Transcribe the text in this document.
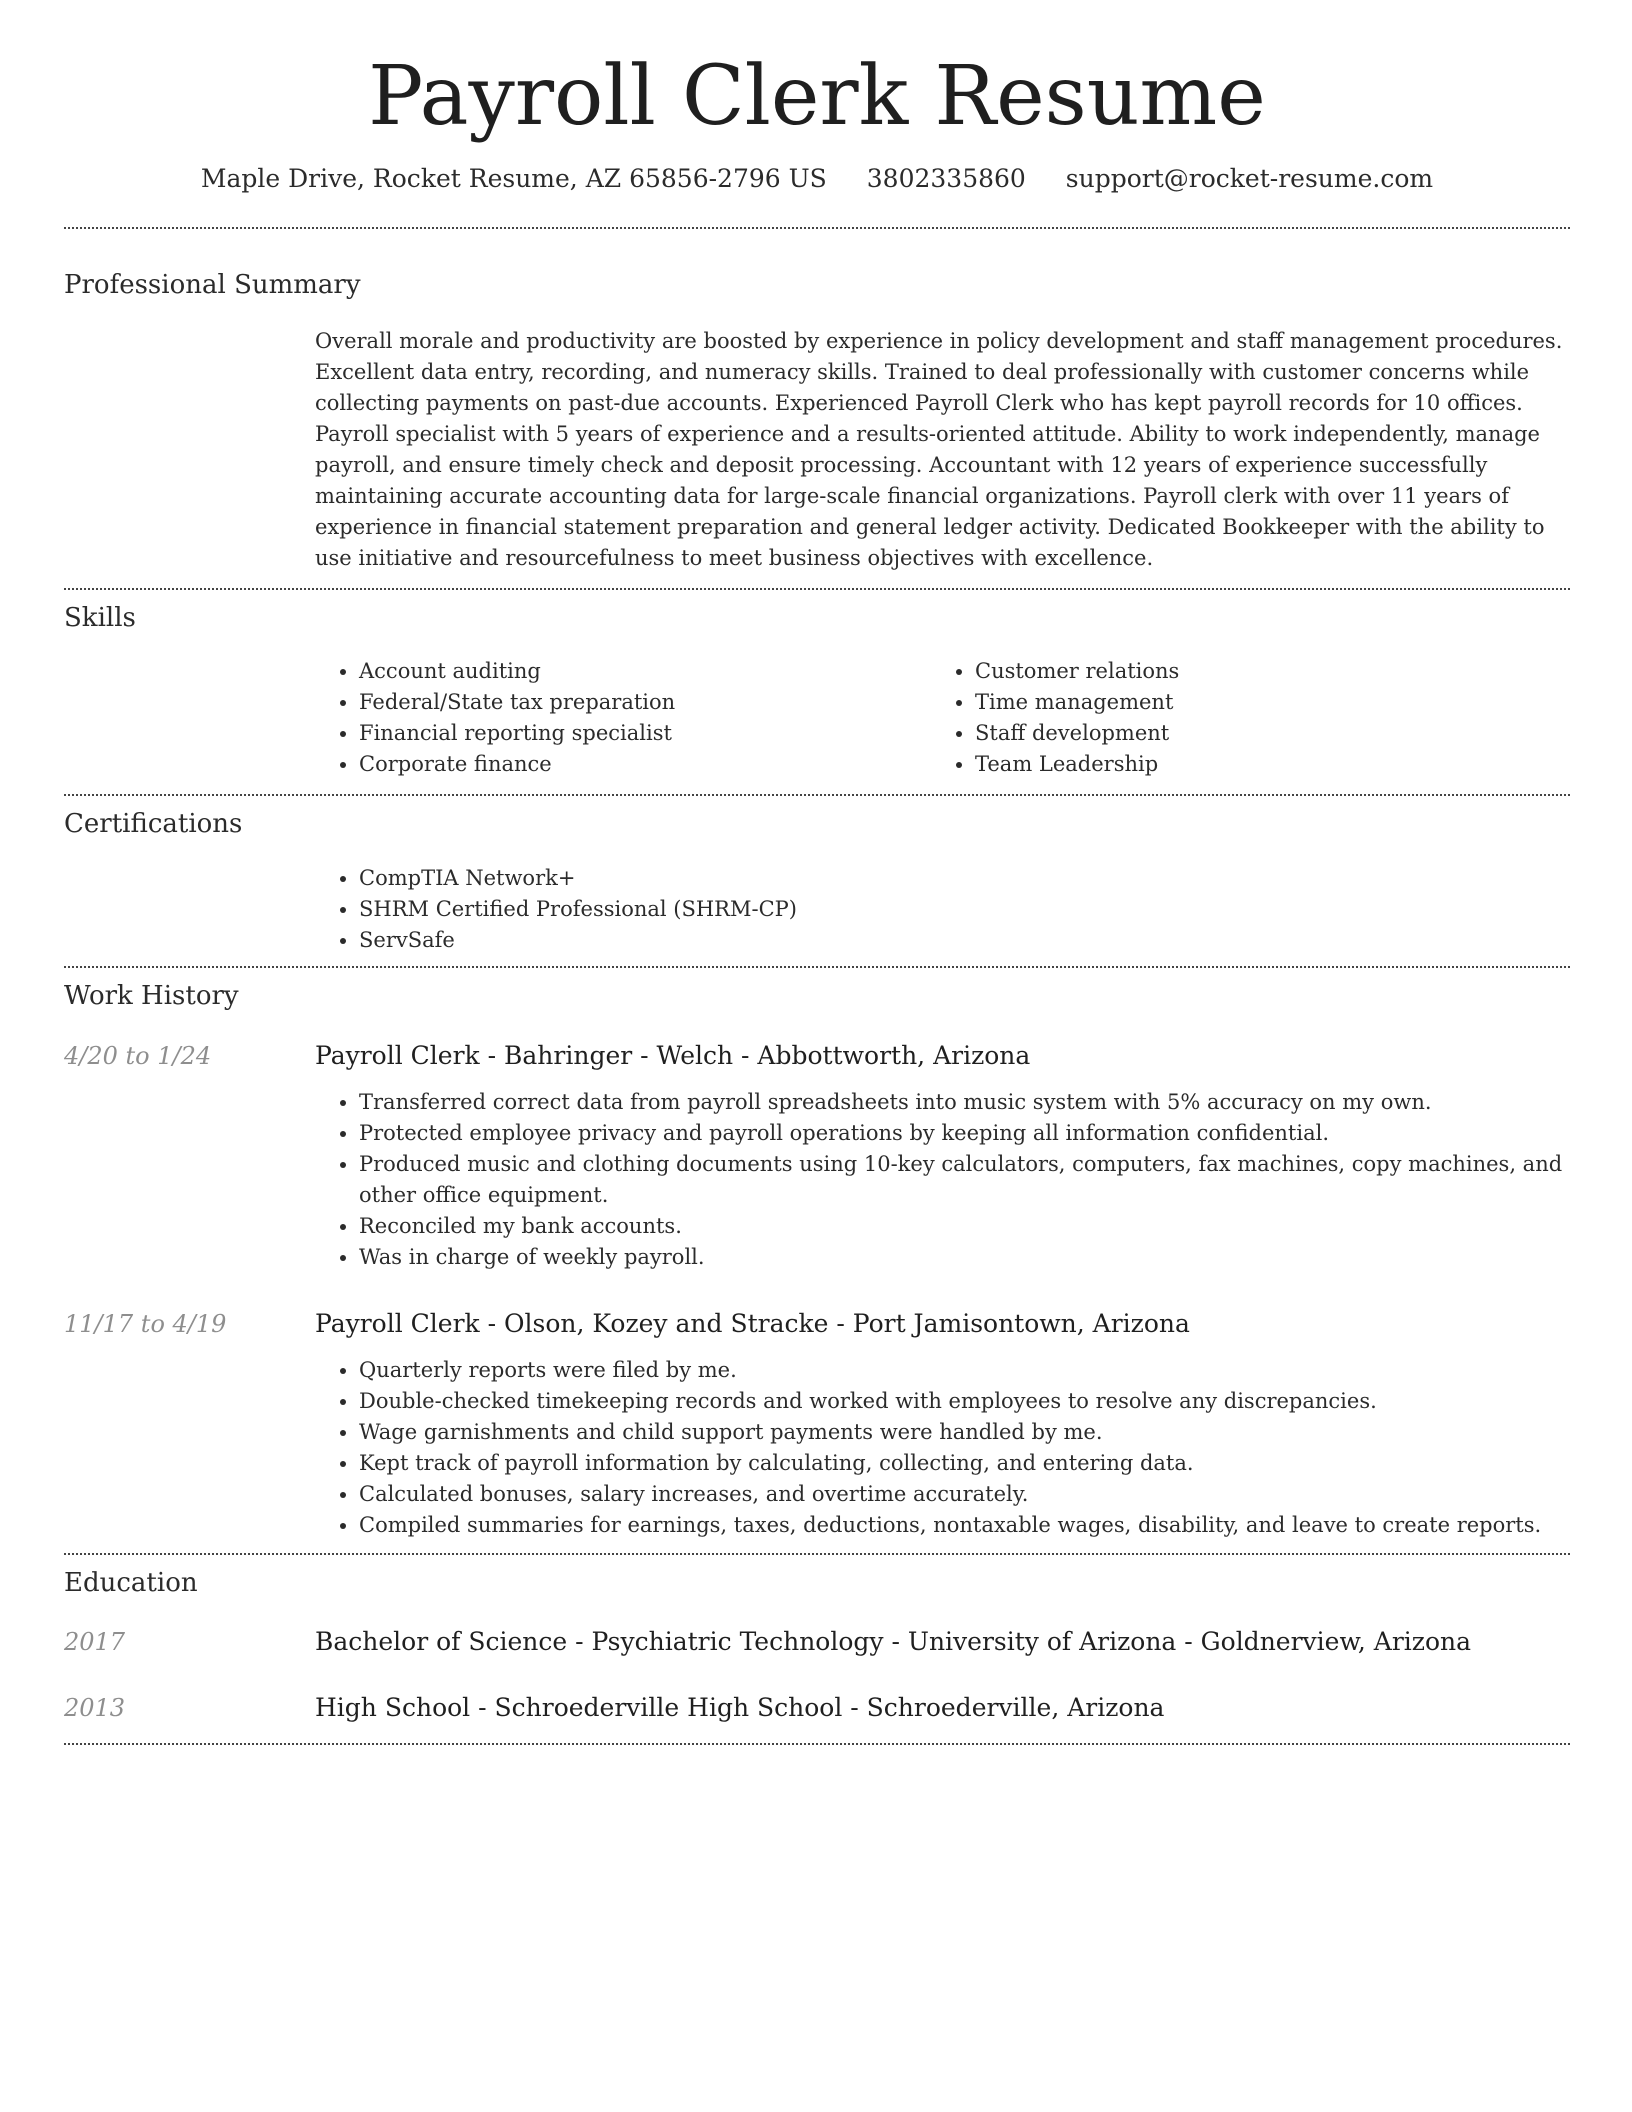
Payroll Clerk Resume
Maple Drive, Rocket Resume, AZ 65856-2796 US 3802335860 support@rocket-resume.com
Professional Summary
Overall morale and productivity are boosted by experience in policy development and staff management procedures. Excellent data entry, recording, and numeracy skills. Trained to deal professionally with customer concerns while collecting payments on past-due accounts. Experienced Payroll Clerk who has kept payroll records for 10 offices. Payroll specialist with 5 years of experience and a results-oriented attitude. Ability to work independently, manage payroll, and ensure timely check and deposit processing. Accountant with 12 years of experience successfully maintaining accurate accounting data for large-scale financial organizations. Payroll clerk with over 11 years of experience in financial statement preparation and general ledger activity. Dedicated Bookkeeper with the ability to use initiative and resourcefulness to meet business objectives with excellence.
Skills
• Account auditing
• Federal/State tax preparation
• Financial reporting specialist
• Corporate finance
• Customer relations
• Time management
• Staff development
• Team Leadership
Certifications
• CompTIA Network+
• SHRM Certified Professional (SHRM-CP)
• ServSafe
Work History
4/20 to 1/24	Payroll Clerk - Bahringer - Welch - Abbottworth, Arizona
• Transferred correct data from payroll spreadsheets into music system with 5% accuracy on my own.
• Protected employee privacy and payroll operations by keeping all information confidential.
• Produced music and clothing documents using 10-key calculators, computers, fax machines, copy machines, and other office equipment.
• Reconciled my bank accounts.
• Was in charge of weekly payroll.
11/17 to 4/19	Payroll Clerk - Olson, Kozey and Stracke - Port Jamisontown, Arizona
• Quarterly reports were filed by me.
• Double-checked timekeeping records and worked with employees to resolve any discrepancies.
• Wage garnishments and child support payments were handled by me.
• Kept track of payroll information by calculating, collecting, and entering data.
• Calculated bonuses, salary increases, and overtime accurately.
• Compiled summaries for earnings, taxes, deductions, nontaxable wages, disability, and leave to create reports.
Education
2017	Bachelor of Science - Psychiatric Technology - University of Arizona - Goldnerview, Arizona
2013	High School - Schroederville High School - Schroederville, Arizona
